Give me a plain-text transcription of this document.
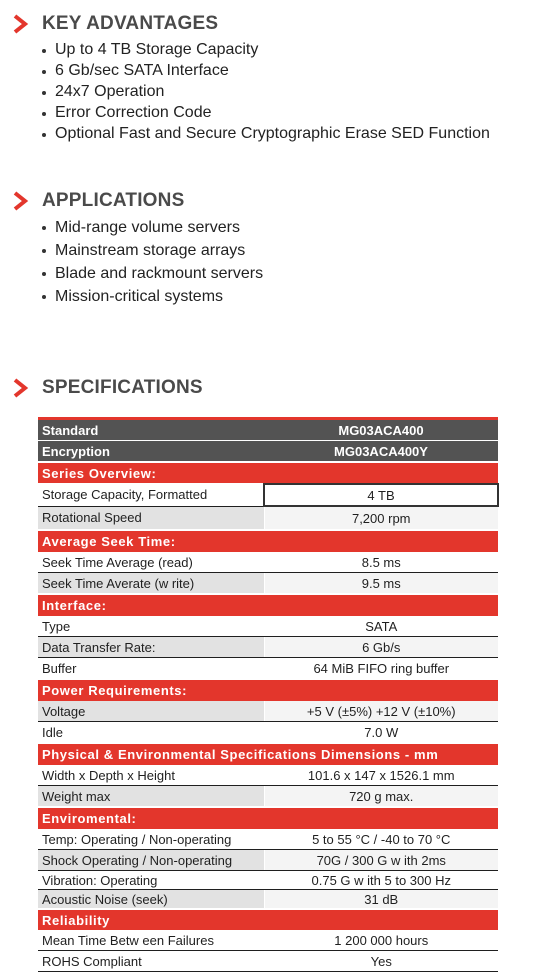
KEY ADVANTAGES
Up to 4 TB Storage Capacity
6 Gb/sec SATA Interface
24x7 Operation
Error Correction Code
Optional Fast and Secure Cryptographic Erase SED Function
APPLICATIONS
Mid-range volume servers
Mainstream storage arrays
Blade and rackmount servers
Mission-critical systems
SPECIFICATIONS
Standard	MG03ACA400
Encryption	MG03ACA400Y
Series Overview:	
Storage Capacity, Formatted	4 TB
Rotational Speed	7,200 rpm
Average Seek Time:	
Seek Time Average (read)	8.5 ms
Seek Time Averate (w rite)	9.5 ms
Interface:	
Type	SATA
Data Transfer Rate:	6 Gb/s
Buffer	64 MiB FIFO ring buffer
Power Requirements:	
Voltage	+5 V (±5%) +12 V (±10%)
Idle	7.0 W
Physical & Environmental Specifications Dimensions - mm	
Width x Depth x Height	101.6 x 147 x 1526.1 mm
Weight max	720 g max.
Enviromental:	
Temp: Operating / Non-operating	5 to 55 °C / -40 to 70 °C
Shock Operating / Non-operating	70G / 300 G w ith 2ms
Vibration: Operating	0.75 G w ith 5 to 300 Hz
Acoustic Noise (seek)	31 dB
Reliability	
Mean Time Betw een Failures	1 200 000 hours
ROHS Compliant	Yes
